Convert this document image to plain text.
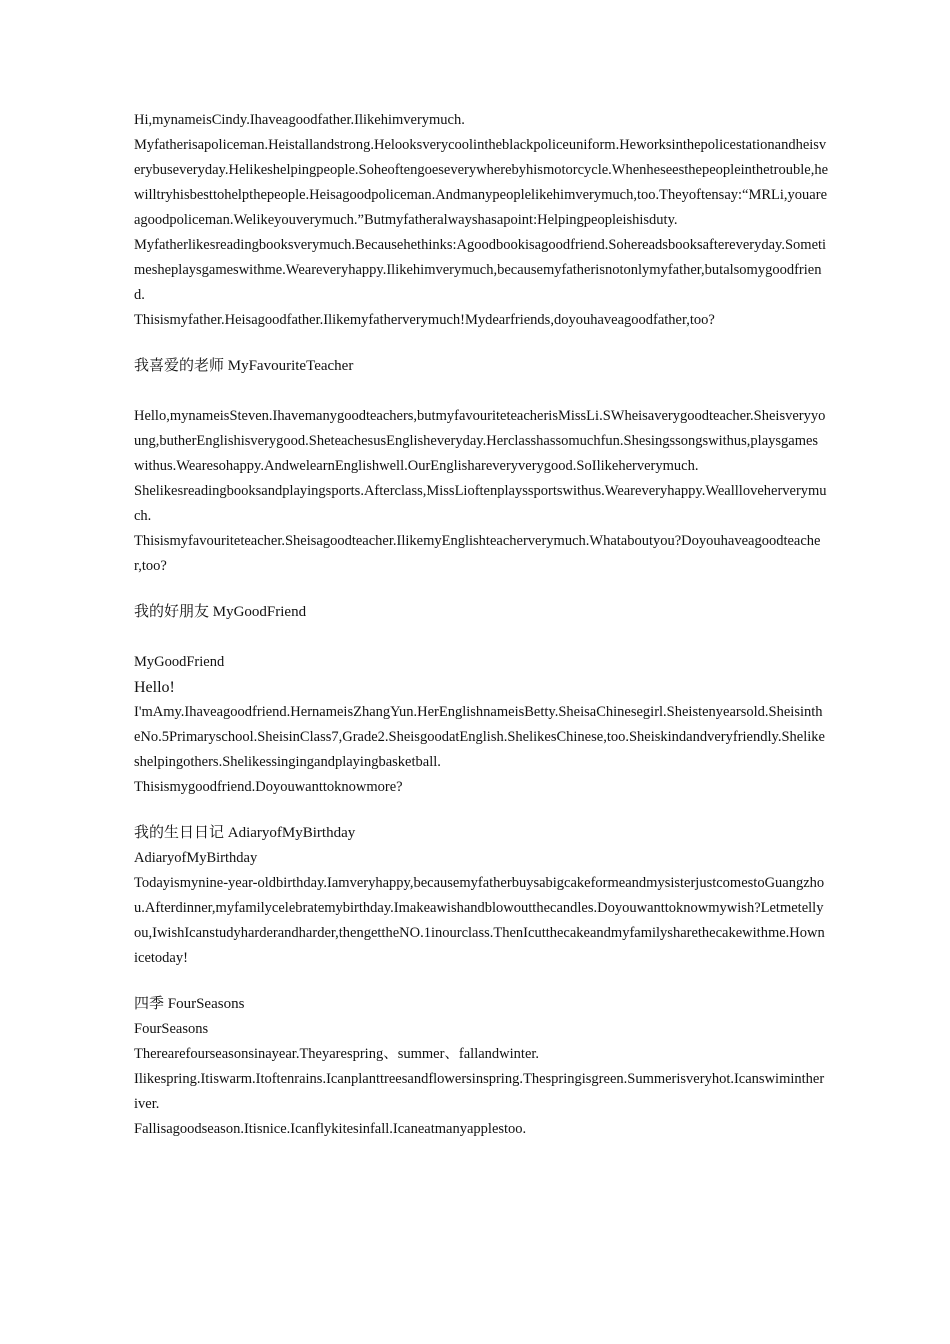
Hi,mynameisCindy.Ihaveagoodfather.Ilikehimverymuch.

Myfatherisapoliceman.Heistallandstrong.Helooksverycoolintheblackpoliceuniform.Heworksinthepolicestationandheisverybuseveryday.Helikeshelpingpeople.Soheoftengoeseverywherebyhismotorcycle.Whenheseesthepeopleinthetrouble,hewilltryhisbesttohelpthepeople.Heisagoodpoliceman.Andmanypeoplelikehimverymuch,too.Theyoftensay:“MRLi,youareagoodpoliceman.Welikeyouverymuch.”Butmyfatheralwayshasapoint:Helpingpeopleishisduty.

Myfatherlikesreadingbooksverymuch.Becausehethinks:Agoodbookisagoodfriend.Sohereadsbooksaftereveryday.Sometimesheplaysgameswithme.Weareveryhappy.Ilikehimverymuch,becausemyfatherisnotonlymyfather,butalsomygoodfriend.

Thisismyfather.Heisagoodfather.Ilikemyfatherverymuch!Mydearfriends,doyouhaveagoodfather,too?

我喜爱的老师 MyFavouriteTeacher

Hello,mynameisSteven.Ihavemanygoodteachers,butmyfavouriteteacherisMissLi.SWheisaverygoodteacher.Sheisveryyoung,butherEnglishisverygood.SheteachesusEnglisheveryday.Herclasshassomuchfun.Shesingssongswithus,playsgameswithus.Wearesohappy.AndwelearnEnglishwell.OurEnglishareveryverygood.SoIlikeherverymuch.

Shelikesreadingbooksandplayingsports.Afterclass,MissLioftenplayssportswithus.Weareveryhappy.Weallloveherverymuch.

Thisismyfavouriteteacher.Sheisagoodteacher.IlikemyEnglishteacherverymuch.Whataboutyou?Doyouhaveagoodteacher,too?

我的好朋友 MyGoodFriend

MyGoodFriend

Hello!

I'mAmy.Ihaveagoodfriend.HernameisZhangYun.HerEnglishnameisBetty.SheisaChinesegirl.Sheistenyearsold.SheisintheNo.5Primaryschool.SheisinClass7,Grade2.SheisgoodatEnglish.ShelikesChinese,too.Sheiskindandveryfriendly.Shelikeshelpingothers.Shelikessingingandplayingbasketball.

Thisismygoodfriend.Doyouwanttoknowmore?

我的生日日记 AdiaryofMyBirthday

AdiaryofMyBirthday

Todayismynine-year-oldbirthday.Iamveryhappy,becausemyfatherbuysabigcakeformeandmysisterjustcomestoGuangzhou.Afterdinner,myfamilycelebratemybirthday.Imakeawishandblowoutthecandles.Doyouwanttoknowmywish?Letmetellyou,IwishIcanstudyharderandharder,thengettheNO.1inourclass.ThenIcutthecakeandmyfamilysharethecakewithme.Hownicetoday!

四季 FourSeasons

FourSeasons

Therearefourseasonsinayear.Theyarespring、summer、fallandwinter.

Ilikespring.Itiswarm.Itoftenrains.Icanplanttreesandflowersinspring.Thespringisgreen.Summerisveryhot.Icanswimintheriver.

Fallisagoodseason.Itisnice.Icanflykitesinfall.Icaneatmanyapplestoo.
